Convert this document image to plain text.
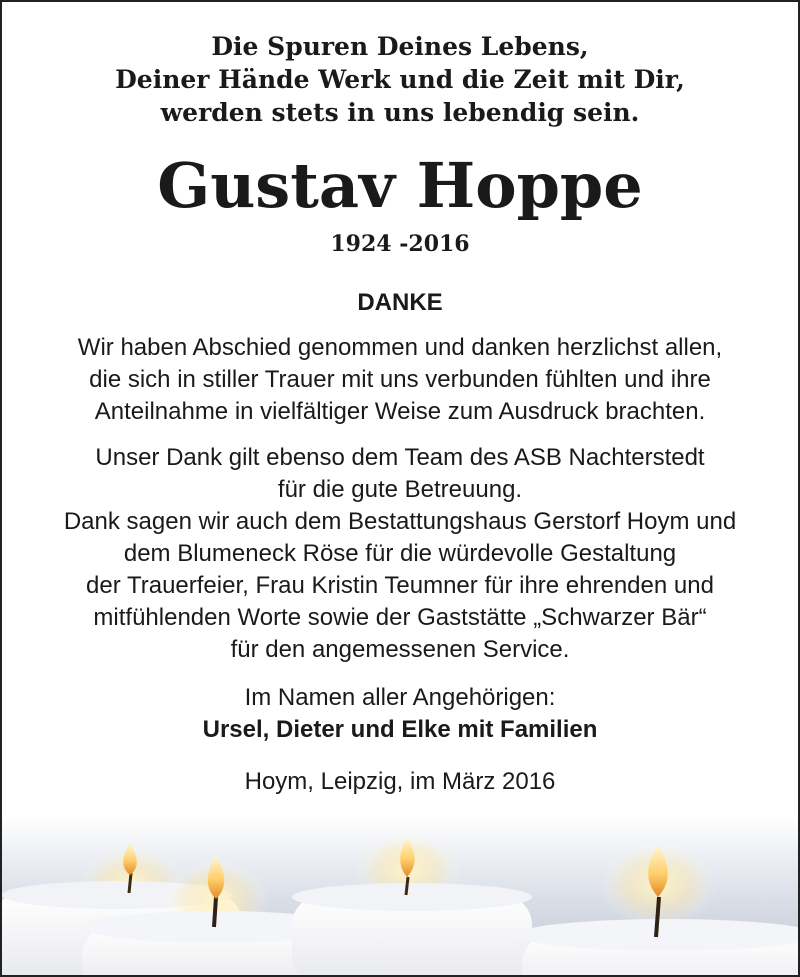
Die Spuren Deines Lebens,
Deiner Hände Werk und die Zeit mit Dir,
werden stets in uns lebendig sein.
Gustav Hoppe
1924 -2016
DANKE
Wir haben Abschied genommen und danken herzlichst allen,
die sich in stiller Trauer mit uns verbunden fühlten und ihre
Anteilnahme in vielfältiger Weise zum Ausdruck brachten.
Unser Dank gilt ebenso dem Team des ASB Nachterstedt
für die gute Betreuung.
Dank sagen wir auch dem Bestattungshaus Gerstorf Hoym und
dem Blumeneck Röse für die würdevolle Gestaltung
der Trauerfeier, Frau Kristin Teumner für ihre ehrenden und
mitfühlenden Worte sowie der Gaststätte „Schwarzer Bär“
für den angemessenen Service.
Im Namen aller Angehörigen:
Ursel, Dieter und Elke mit Familien
Hoym, Leipzig, im März 2016
